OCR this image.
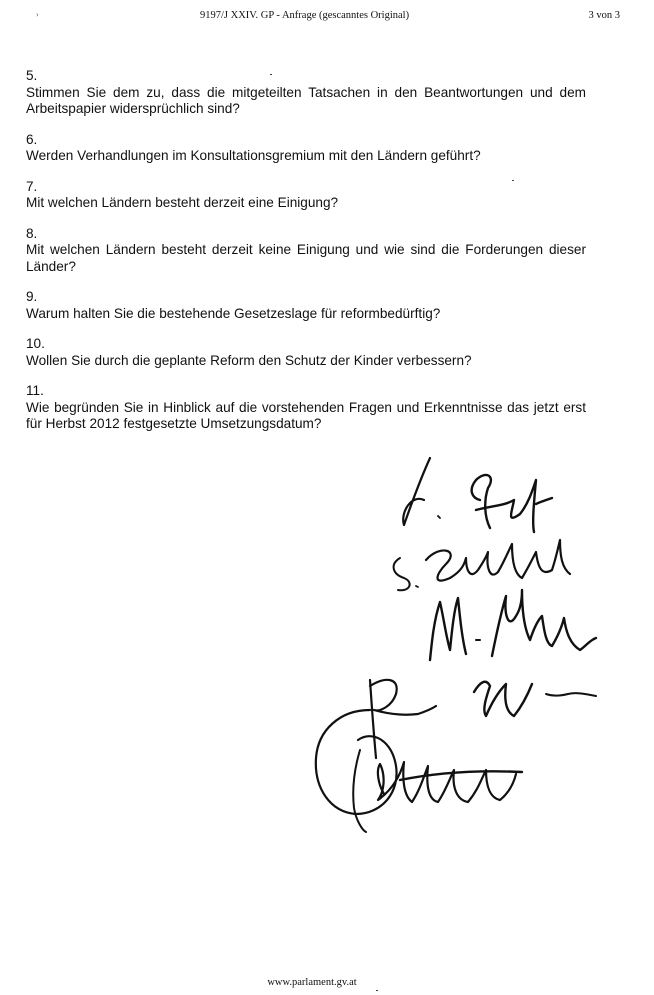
›	9197/J XXIV. GP - Anfrage (gescanntes Original)	3 von 3
5.
Stimmen Sie dem zu, dass die mitgeteilten Tatsachen in den Beantwortungen und dem Arbeitspapier widersprüchlich sind?
6.
Werden Verhandlungen im Konsultationsgremium mit den Ländern geführt?
7.
Mit welchen Ländern besteht derzeit eine Einigung?
8.
Mit welchen Ländern besteht derzeit keine Einigung und wie sind die Forderungen dieser Länder?
9.
Warum halten Sie die bestehende Gesetzeslage für reformbedürftig?
10.
Wollen Sie durch die geplante Reform den Schutz der Kinder verbessern?
11.
Wie begründen Sie in Hinblick auf die vorstehenden Fragen und Erkenntnisse das jetzt erst für Herbst 2012 festgesetzte Umsetzungsdatum?
www.parlament.gv.at
